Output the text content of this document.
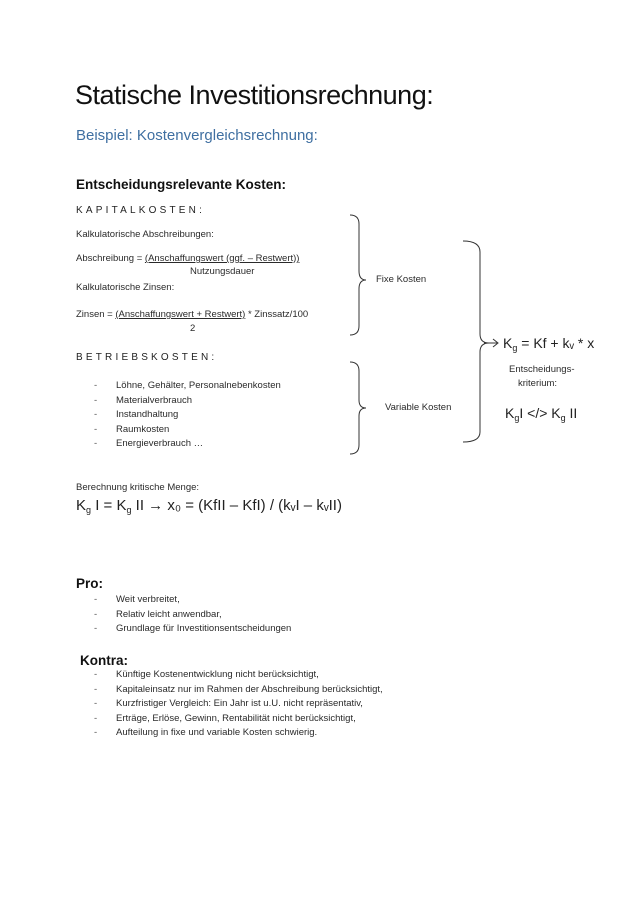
Statische Investitionsrechnung:
Beispiel: Kostenvergleichsrechnung:
Entscheidungsrelevante Kosten:
KAPITALKOSTEN:
Kalkulatorische Abschreibungen:
Abschreibung = (Anschaffungswert (ggf. – Restwert))
Nutzungsdauer
Kalkulatorische Zinsen:
Zinsen = (Anschaffungswert + Restwert) * Zinssatz/100
2
Fixe Kosten
BETRIEBSKOSTEN:
- Löhne, Gehälter, Personalnebenkosten
- Materialverbrauch
- Instandhaltung
- Raumkosten
- Energieverbrauch …
Variable Kosten
$K_g = Kf$ + kᵥ * x
Entscheidungs-
kriterium:
$K_gI$ </> $K_g$ II
Berechnung kritische Menge:
$K_g$ $I = K_g$ II → x₀ = (KfII – KfI) / (kᵥI – kᵥII)
Pro:
- Weit verbreitet,
- Relativ leicht anwendbar,
- Grundlage für Investitionsentscheidungen
Kontra:
- Künftige Kostenentwicklung nicht berücksichtigt,
- Kapitaleinsatz nur im Rahmen der Abschreibung berücksichtigt,
- Kurzfristiger Vergleich: Ein Jahr ist u.U. nicht repräsentativ,
- Erträge, Erlöse, Gewinn, Rentabilität nicht berücksichtigt,
- Aufteilung in fixe und variable Kosten schwierig.
